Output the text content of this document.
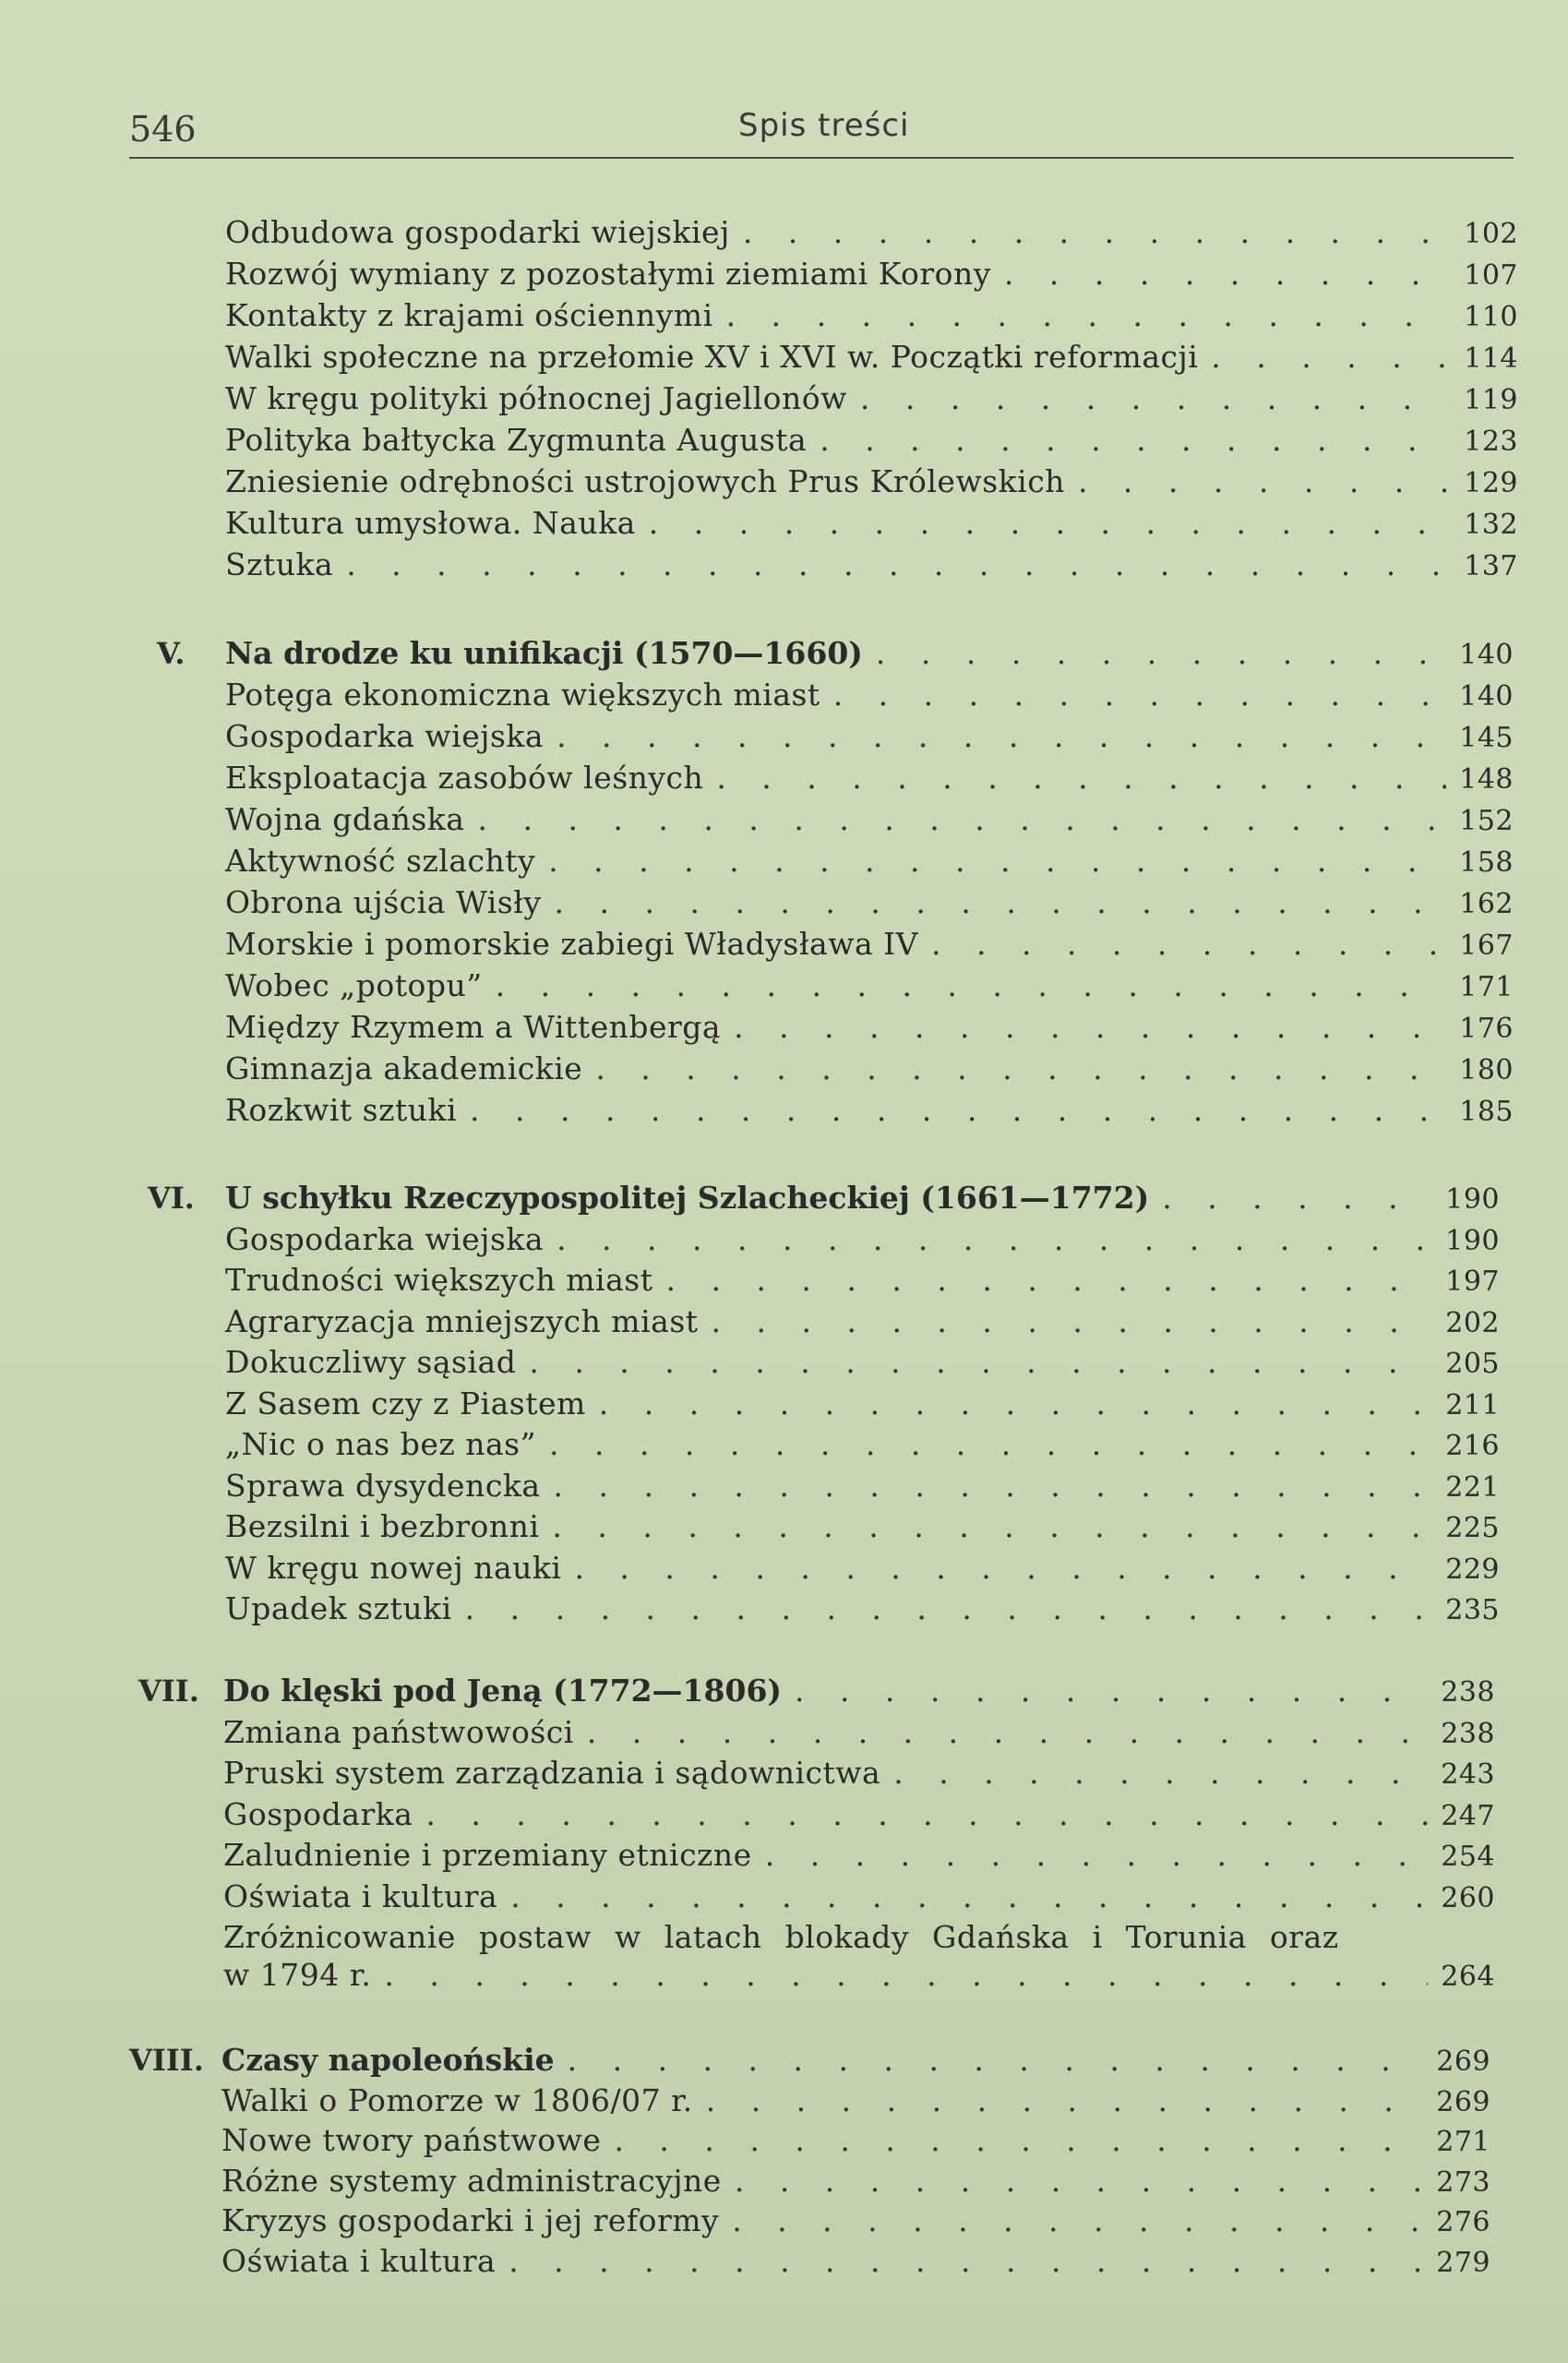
546	Spis treści
Odbudowa gospodarki wiejskiej . . .	102
Rozwój wymiany z pozostałymi ziemiami Korony . . .	107
Kontakty z krajami ościennymi . . .	110
Walki społeczne na przełomie XV i XVI w. Początki reformacji . . .	114
W kręgu polityki północnej Jagiellonów . . .	119
Polityka bałtycka Zygmunta Augusta . . .	123
Zniesienie odrębności ustrojowych Prus Królewskich . . .	129
Kultura umysłowa. Nauka . . .	132
Sztuka . . .	137
V. Na drodze ku unifikacji (1570—1660) . . .	140
Potęga ekonomiczna większych miast . . .	140
Gospodarka wiejska . . .	145
Eksploatacja zasobów leśnych . . .	148
Wojna gdańska . . .	152
Aktywność szlachty . . .	158
Obrona ujścia Wisły . . .	162
Morskie i pomorskie zabiegi Władysława IV . . .	167
Wobec „potopu” . . .	171
Między Rzymem a Wittenbergą . . .	176
Gimnazja akademickie . . .	180
Rozkwit sztuki . . .	185
VI. U schyłku Rzeczypospolitej Szlacheckiej (1661—1772) . . .	190
Gospodarka wiejska . . .	190
Trudności większych miast . . .	197
Agraryzacja mniejszych miast . . .	202
Dokuczliwy sąsiad . . .	205
Z Sasem czy z Piastem . . .	211
„Nic o nas bez nas” . . .	216
Sprawa dysydencka . . .	221
Bezsilni i bezbronni . . .	225
W kręgu nowej nauki . . .	229
Upadek sztuki . . .	235
VII. Do klęski pod Jeną (1772—1806) . . .	238
Zmiana państwowości . . .	238
Pruski system zarządzania i sądownictwa . . .	243
Gospodarka . . .	247
Zaludnienie i przemiany etniczne . . .	254
Oświata i kultura . . .	260
Zróżnicowanie postaw w latach blokady Gdańska i Torunia oraz
w 1794 r. . . .	264
VIII. Czasy napoleońskie . . .	269
Walki o Pomorze w 1806/07 r. . . .	269
Nowe twory państwowe . . .	271
Różne systemy administracyjne . . .	273
Kryzys gospodarki i jej reformy . . .	276
Oświata i kultura . . .	279
